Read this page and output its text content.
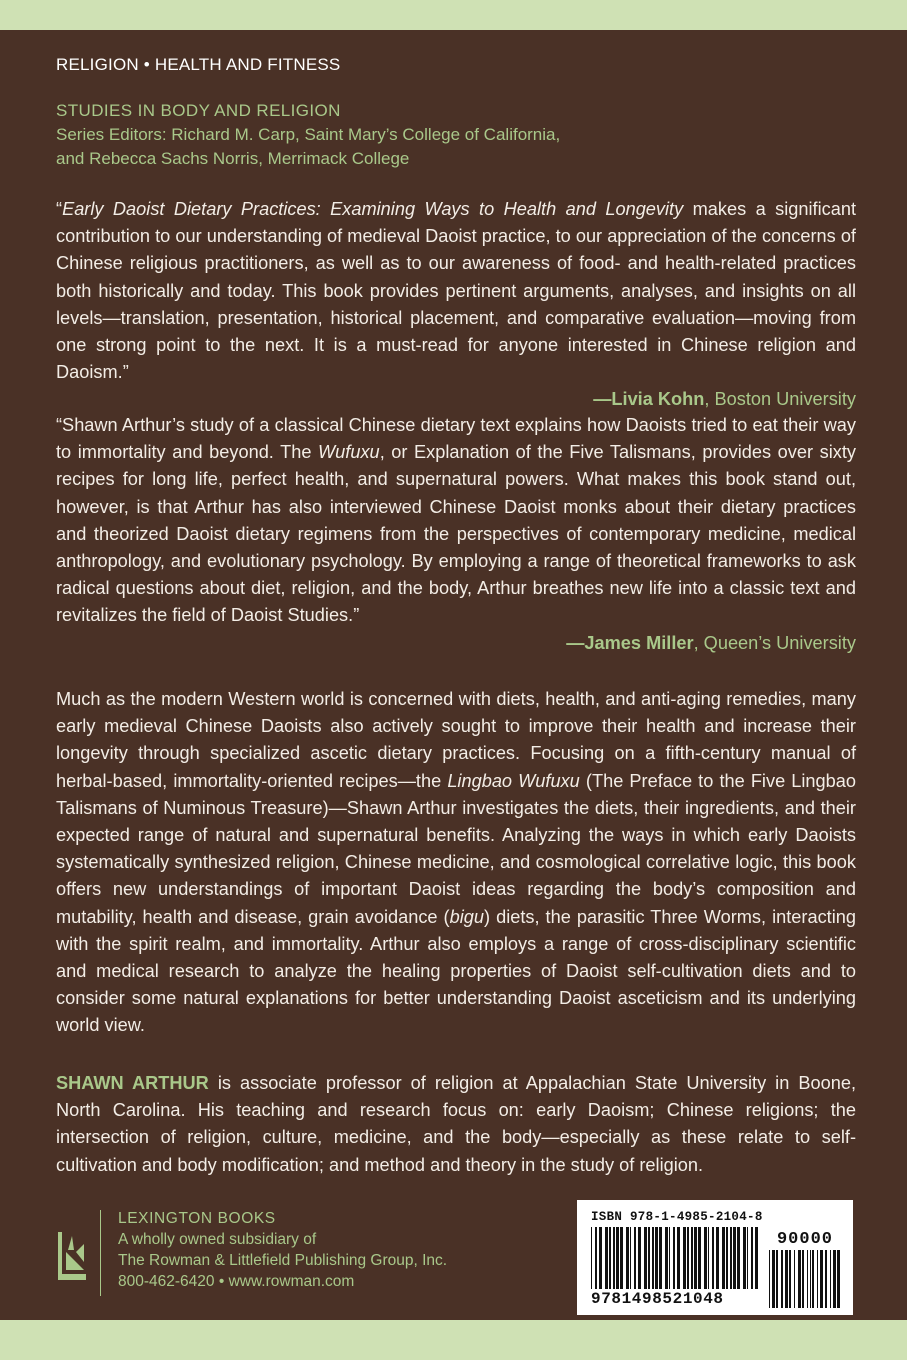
RELIGION • HEALTH AND FITNESS
STUDIES IN BODY AND RELIGION
Series Editors: Richard M. Carp, Saint Mary’s College of California,
and Rebecca Sachs Norris, Merrimack College
“Early Daoist Dietary Practices: Examining Ways to Health and Longevity makes a significant contribution to our understanding of medieval Daoist practice, to our appreciation of the concerns of Chinese religious practitioners, as well as to our awareness of food- and health-related practices both historically and today. This book provides pertinent arguments, analyses, and insights on all levels—translation, presentation, historical placement, and comparative evaluation—moving from one strong point to the next. It is a must-read for anyone interested in Chinese religion and Daoism.”
—Livia Kohn, Boston University
“Shawn Arthur’s study of a classical Chinese dietary text explains how Daoists tried to eat their way to immortality and beyond. The Wufuxu, or Explanation of the Five Talismans, provides over sixty recipes for long life, perfect health, and supernatural powers. What makes this book stand out, however, is that Arthur has also interviewed Chinese Daoist monks about their dietary practices and theorized Daoist dietary regimens from the perspectives of contemporary medicine, medical anthropology, and evolutionary psychology. By employing a range of theoretical frameworks to ask radical questions about diet, religion, and the body, Arthur breathes new life into a classic text and revitalizes the field of Daoist Studies.”
—James Miller, Queen’s University
Much as the modern Western world is concerned with diets, health, and anti-aging remedies, many early medieval Chinese Daoists also actively sought to improve their health and increase their longevity through specialized ascetic dietary practices. Focusing on a fifth-century manual of herbal-based, immortality-oriented recipes—the Lingbao Wufuxu (The Preface to the Five Lingbao Talismans of Numinous Treasure)—Shawn Arthur investigates the diets, their ingredients, and their expected range of natural and supernatural benefits. Analyzing the ways in which early Daoists systematically synthesized religion, Chinese medicine, and cosmological correlative logic, this book offers new understandings of important Daoist ideas regarding the body’s composition and mutability, health and disease, grain avoidance (bigu) diets, the parasitic Three Worms, interacting with the spirit realm, and immortality. Arthur also employs a range of cross-disciplinary scientific and medical research to analyze the healing properties of Daoist self-cultivation diets and to consider some natural explanations for better understanding Daoist asceticism and its underlying world view.
SHAWN ARTHUR is associate professor of religion at Appalachian State University in Boone, North Carolina. His teaching and research focus on: early Daoism; Chinese religions; the intersection of religion, culture, medicine, and the body—especially as these relate to self-cultivation and body modification; and method and theory in the study of religion.
LEXINGTON BOOKS
A wholly owned subsidiary of
The Rowman & Littlefield Publishing Group, Inc.
800-462-6420 • www.rowman.com
ISBN 978-1-4985-2104-8
9781498521048
90000
